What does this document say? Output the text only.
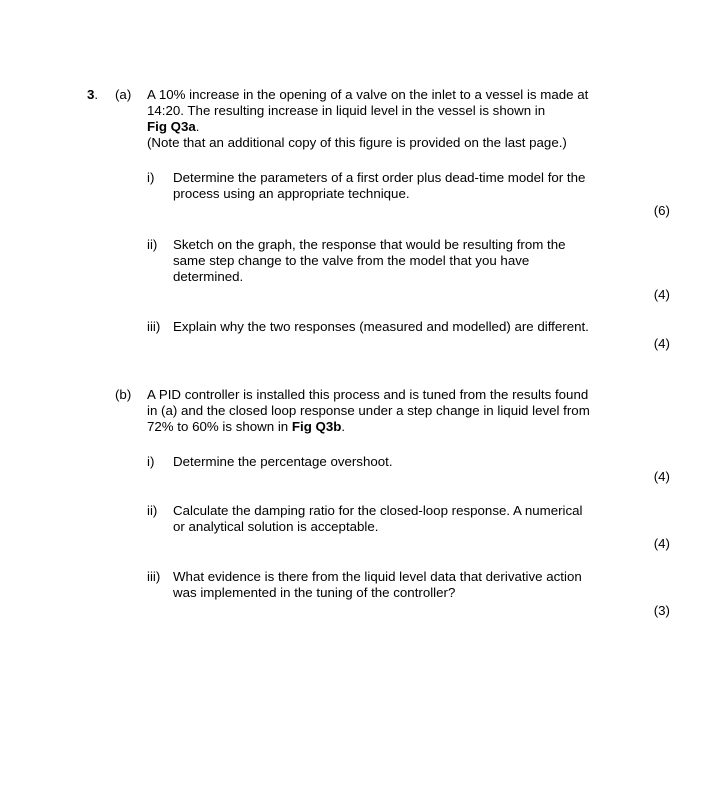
3. (a) A 10% increase in the opening of a valve on the inlet to a vessel is made at
14:20. The resulting increase in liquid level in the vessel is shown in
Fig Q3a.
(Note that an additional copy of this figure is provided on the last page.)
i) Determine the parameters of a first order plus dead-time model for the
process using an appropriate technique.
(6)
ii) Sketch on the graph, the response that would be resulting from the
same step change to the valve from the model that you have
determined.
(4)
iii) Explain why the two responses (measured and modelled) are different.
(4)
(b) A PID controller is installed this process and is tuned from the results found
in (a) and the closed loop response under a step change in liquid level from
72% to 60% is shown in Fig Q3b.
i) Determine the percentage overshoot.
(4)
ii) Calculate the damping ratio for the closed-loop response. A numerical
or analytical solution is acceptable.
(4)
iii) What evidence is there from the liquid level data that derivative action
was implemented in the tuning of the controller?
(3)
